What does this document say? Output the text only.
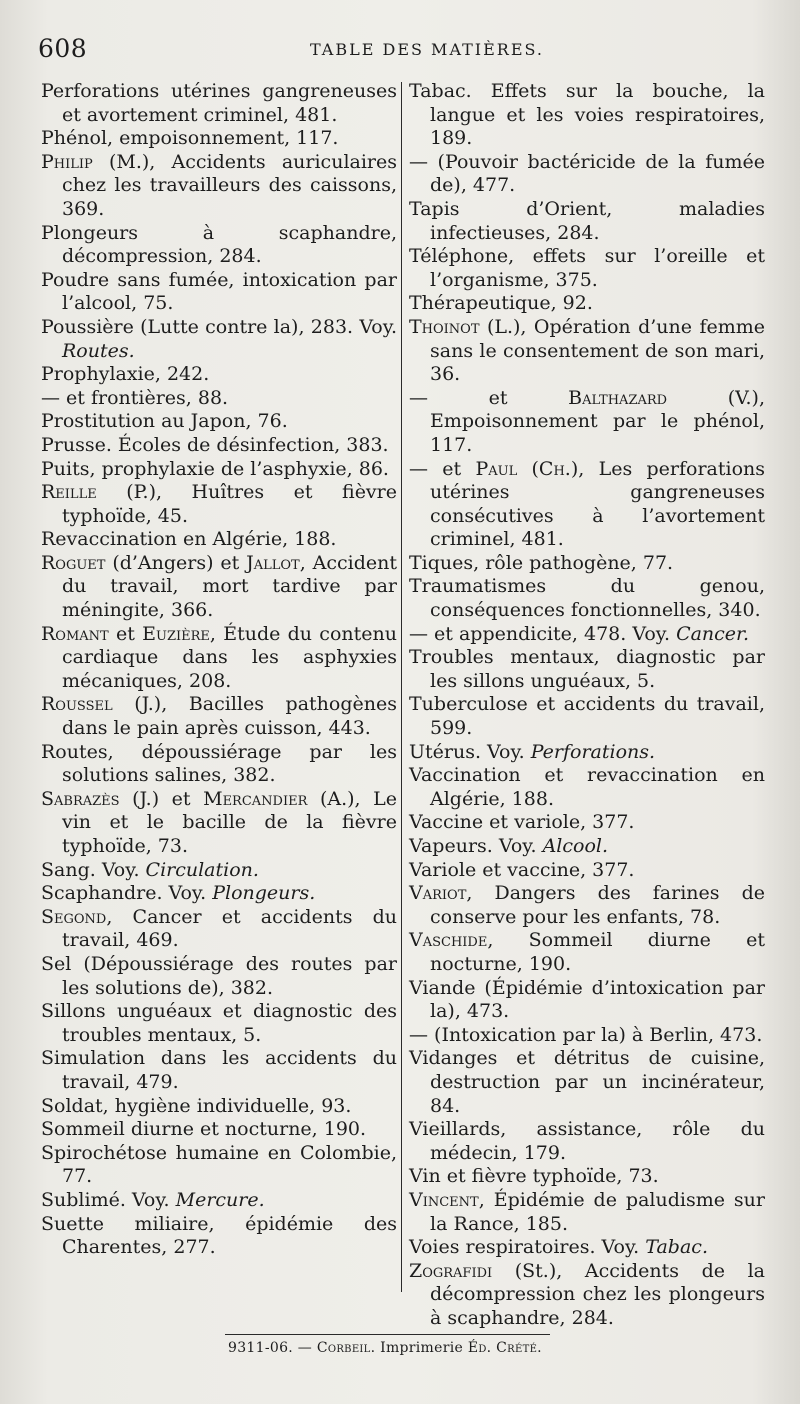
608	TABLE DES MATIÈRES.

Perforations utérines gangreneuses et avortement criminel, 481.

Phénol, empoisonnement, 117.

Philip (M.), Accidents auriculaires chez les travailleurs des caissons, 369.

Plongeurs à scaphandre, décompression, 284.

Poudre sans fumée, intoxication par l’alcool, 75.

Poussière (Lutte contre la), 283. Voy. Routes.

Prophylaxie, 242.

— et frontières, 88.

Prostitution au Japon, 76.

Prusse. Écoles de désinfection, 383.

Puits, prophylaxie de l’asphyxie, 86.

Reille (P.), Huîtres et fièvre typhoïde, 45.

Revaccination en Algérie, 188.

Roguet (d’Angers) et Jallot, Accident du travail, mort tardive par méningite, 366.

Romant et Euzière, Étude du contenu cardiaque dans les asphyxies mécaniques, 208.

Roussel (J.), Bacilles pathogènes dans le pain après cuisson, 443.

Routes, dépoussiérage par les solutions salines, 382.

Sabrazès (J.) et Mercandier (A.), Le vin et le bacille de la fièvre typhoïde, 73.

Sang. Voy. Circulation.

Scaphandre. Voy. Plongeurs.

Segond, Cancer et accidents du travail, 469.

Sel (Dépoussiérage des routes par les solutions de), 382.

Sillons unguéaux et diagnostic des troubles mentaux, 5.

Simulation dans les accidents du travail, 479.

Soldat, hygiène individuelle, 93.

Sommeil diurne et nocturne, 190.

Spirochétose humaine en Colombie, 77.

Sublimé. Voy. Mercure.

Suette miliaire, épidémie des Charentes, 277.

Tabac. Effets sur la bouche, la langue et les voies respiratoires, 189.

— (Pouvoir bactéricide de la fumée de), 477.

Tapis d’Orient, maladies infectieuses, 284.

Téléphone, effets sur l’oreille et l’organisme, 375.

Thérapeutique, 92.

Thoinot (L.), Opération d’une femme sans le consentement de son mari, 36.

— et Balthazard (V.), Empoisonnement par le phénol, 117.

— et Paul (Ch.), Les perforations utérines gangreneuses consécutives à l’avortement criminel, 481.

Tiques, rôle pathogène, 77.

Traumatismes du genou, conséquences fonctionnelles, 340.

— et appendicite, 478. Voy. Cancer.

Troubles mentaux, diagnostic par les sillons unguéaux, 5.

Tuberculose et accidents du travail, 599.

Utérus. Voy. Perforations.

Vaccination et revaccination en Algérie, 188.

Vaccine et variole, 377.

Vapeurs. Voy. Alcool.

Variole et vaccine, 377.

Variot, Dangers des farines de conserve pour les enfants, 78.

Vaschide, Sommeil diurne et nocturne, 190.

Viande (Épidémie d’intoxication par la), 473.

— (Intoxication par la) à Berlin, 473.

Vidanges et détritus de cuisine, destruction par un incinérateur, 84.

Vieillards, assistance, rôle du médecin, 179.

Vin et fièvre typhoïde, 73.

Vincent, Épidémie de paludisme sur la Rance, 185.

Voies respiratoires. Voy. Tabac.

Zografidi (St.), Accidents de la décompression chez les plongeurs à scaphandre, 284.

9311-06. — Corbeil. Imprimerie Éd. Crété.
